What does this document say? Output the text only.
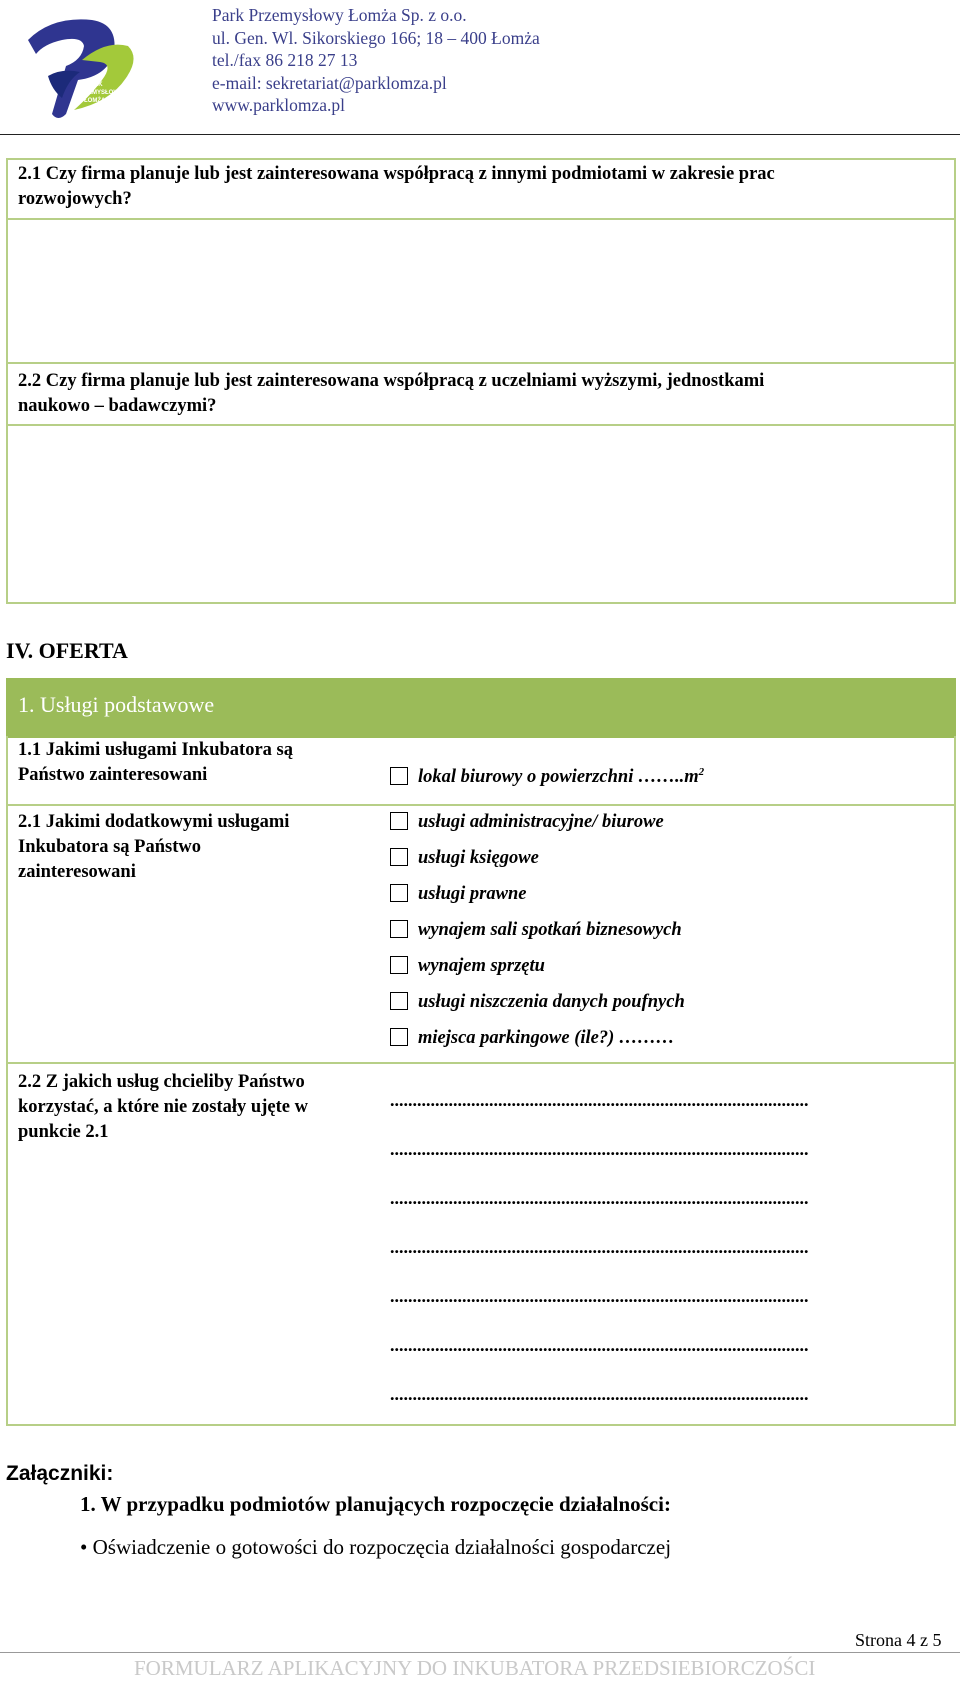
PARK
PRZEMYSŁOWY
ŁOMŻA
Park Przemysłowy Łomża Sp. z o.o.
ul. Gen. Wl. Sikorskiego 166; 18 – 400 Łomża
tel./fax 86 218 27 13
e-mail: sekretariat@parklomza.pl
www.parklomza.pl
2.1 Czy firma planuje lub jest zainteresowana współpracą z innymi podmiotami w zakresie prac
rozwojowych?
2.2 Czy firma planuje lub jest zainteresowana współpracą z uczelniami wyższymi, jednostkami
naukowo – badawczymi?
IV. OFERTA
1. Usługi podstawowe
1.1 Jakimi usługami Inkubatora są
Państwo zainteresowani	lokal biurowy o powierzchni $\dots\dots..m^2$
2.1 Jakimi dodatkowymi usługami
Inkubatora są Państwo
zainteresowani
usługi administracyjne/ biurowe
usługi księgowe
usługi prawne
wynajem sali spotkań biznesowych
wynajem sprzętu
usługi niszczenia danych poufnych
miejsca parkingowe (ile?) ………
2.2 Z jakich usług chcieliby Państwo
korzystać, a które nie zostały ujęte w
punkcie 2.1
.............................................................................................
.............................................................................................
.............................................................................................
.............................................................................................
.............................................................................................
.............................................................................................
.............................................................................................
Załączniki:
1. W przypadku podmiotów planujących rozpoczęcie działalności:
• Oświadczenie o gotowości do rozpoczęcia działalności gospodarczej
Strona 4 z 5
FORMULARZ APLIKACYJNY DO INKUBATORA PRZEDSIEBIORCZOŚCI
